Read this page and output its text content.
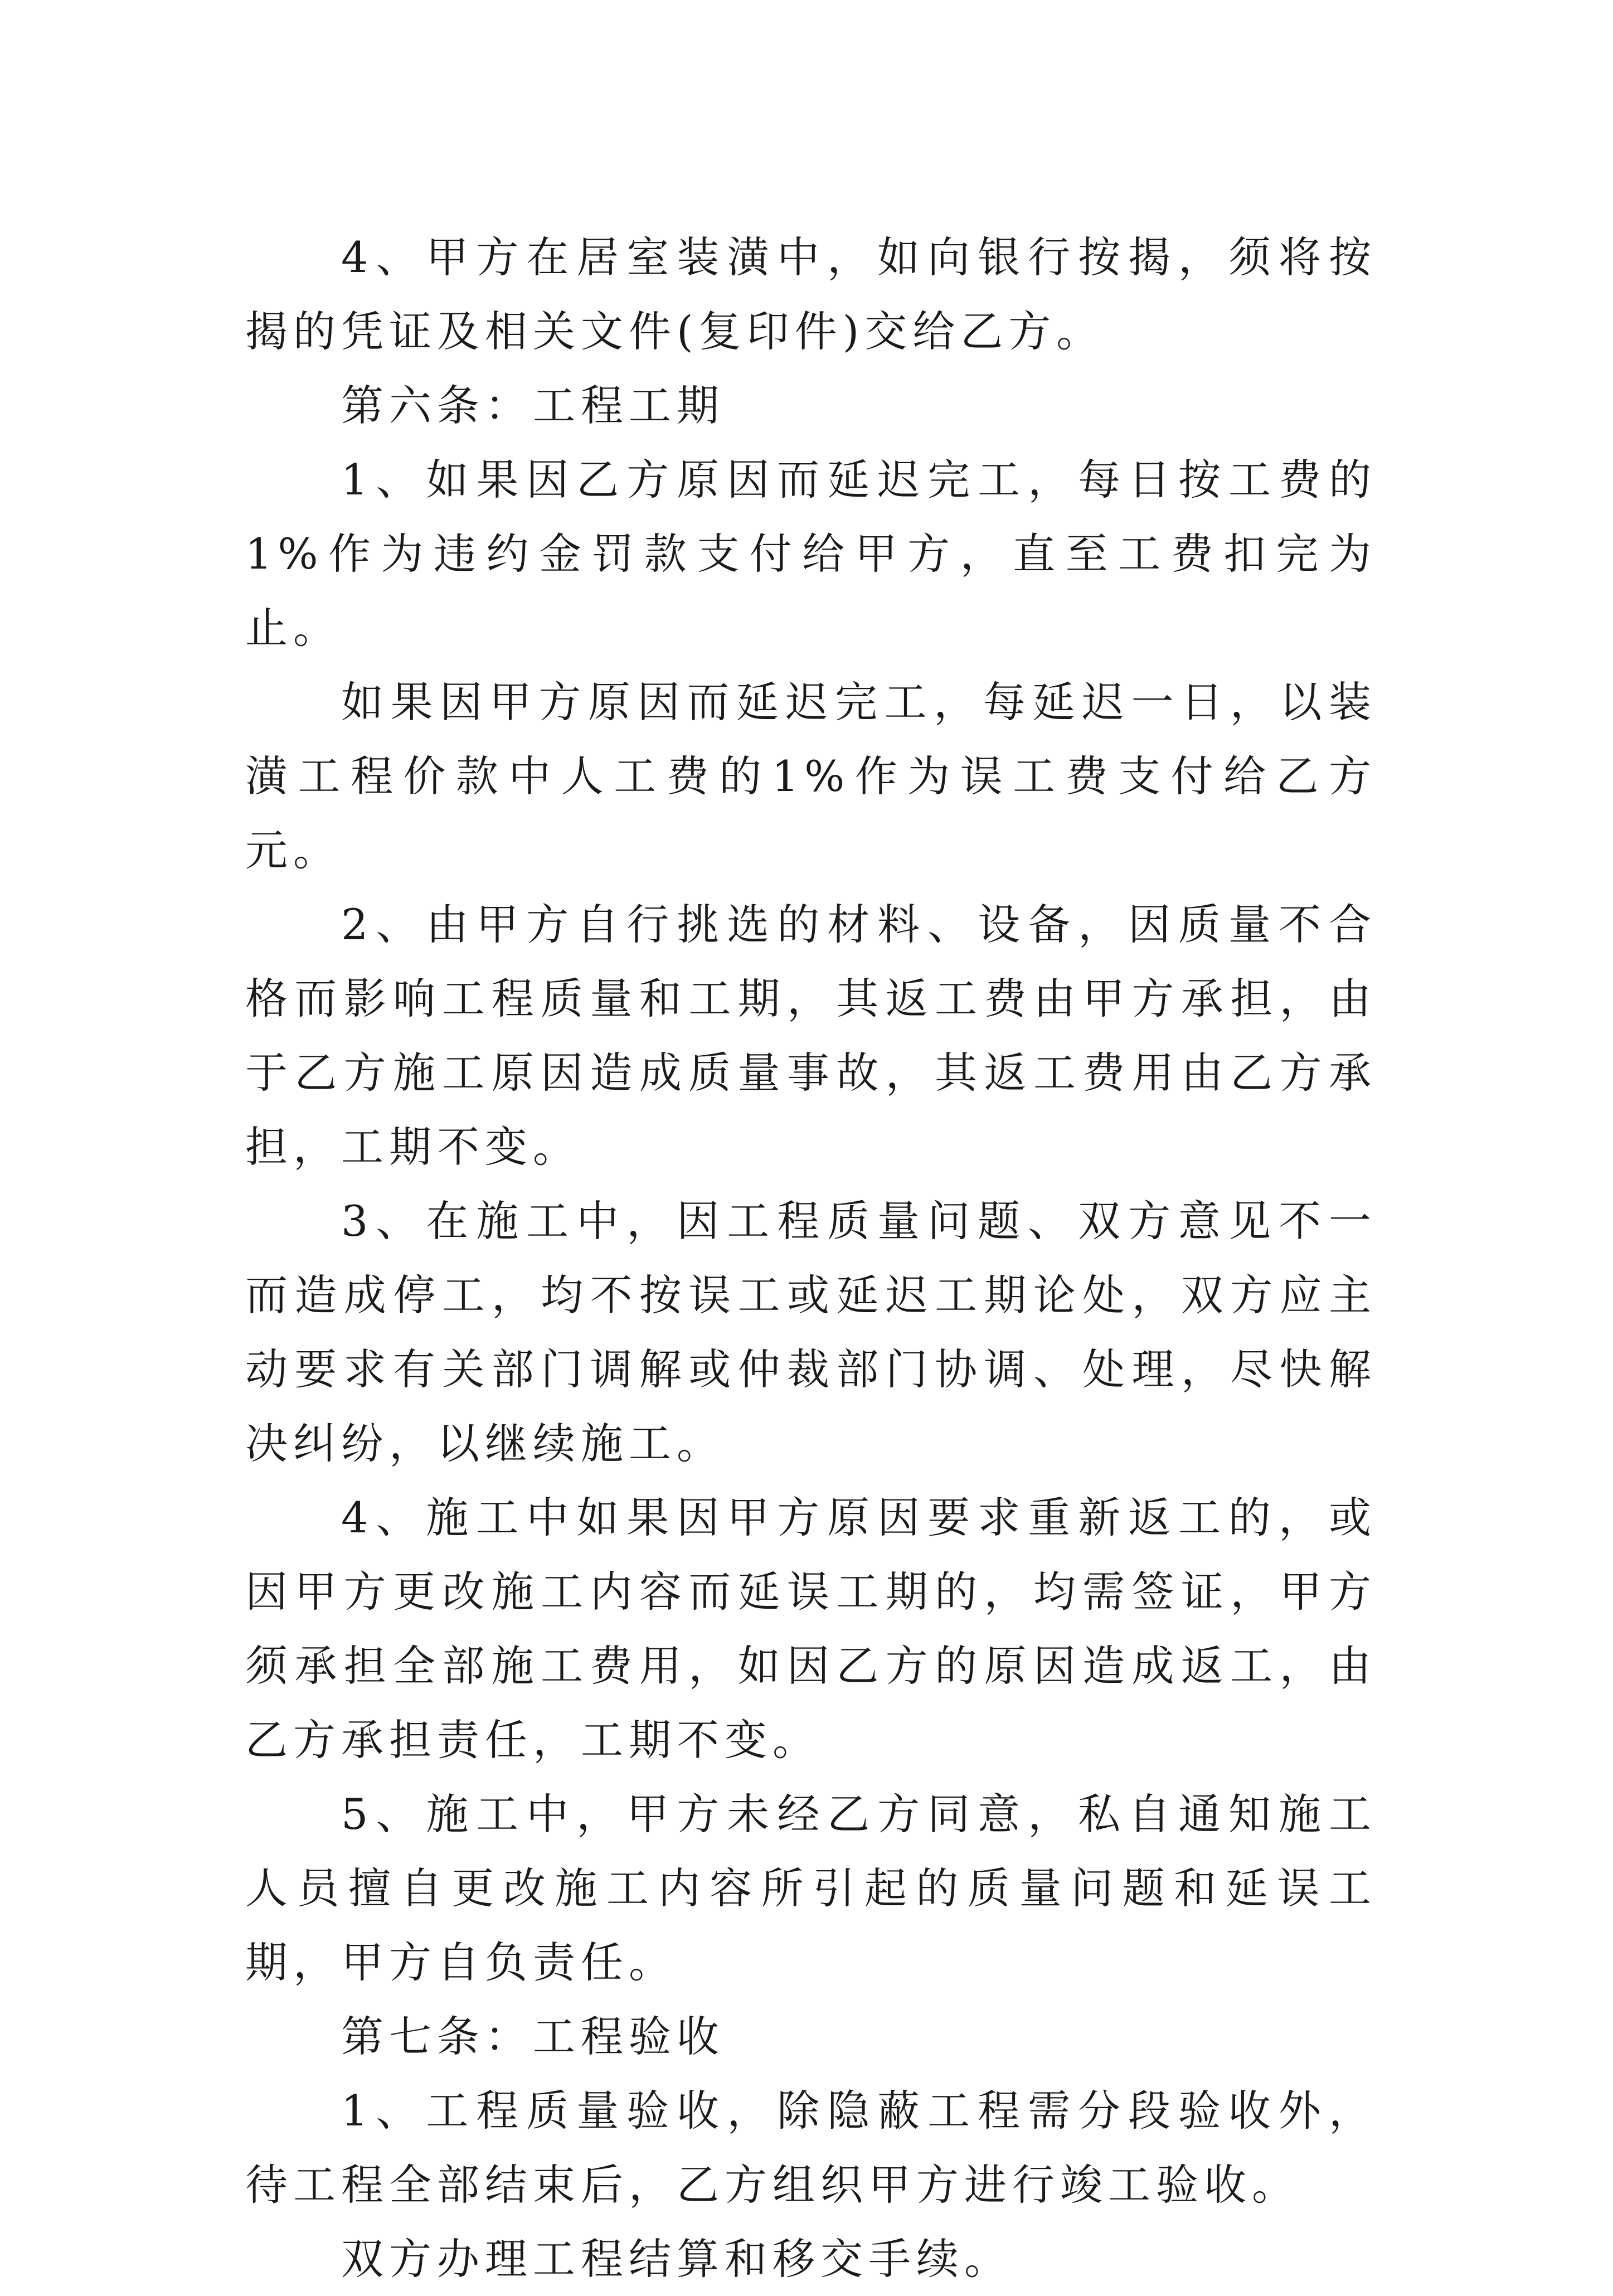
4、甲方在居室装潢中，如向银行按揭，须将按揭的凭证及相关文件(复印件)交给乙方。

第六条：工程工期

1、如果因乙方原因而延迟完工，每日按工费的1%作为违约金罚款支付给甲方，直至工费扣完为止。

如果因甲方原因而延迟完工，每延迟一日，以装潢工程价款中人工费的1%作为误工费支付给乙方元。

2、由甲方自行挑选的材料、设备，因质量不合格而影响工程质量和工期，其返工费由甲方承担，由于乙方施工原因造成质量事故，其返工费用由乙方承担，工期不变。

3、在施工中，因工程质量问题、双方意见不一而造成停工，均不按误工或延迟工期论处，双方应主动要求有关部门调解或仲裁部门协调、处理，尽快解决纠纷，以继续施工。

4、施工中如果因甲方原因要求重新返工的，或因甲方更改施工内容而延误工期的，均需签证，甲方须承担全部施工费用，如因乙方的原因造成返工，由乙方承担责任，工期不变。

5、施工中，甲方未经乙方同意，私自通知施工人员擅自更改施工内容所引起的质量问题和延误工期，甲方自负责任。

第七条：工程验收

1、工程质量验收，除隐蔽工程需分段验收外，待工程全部结束后，乙方组织甲方进行竣工验收。

双方办理工程结算和移交手续。
